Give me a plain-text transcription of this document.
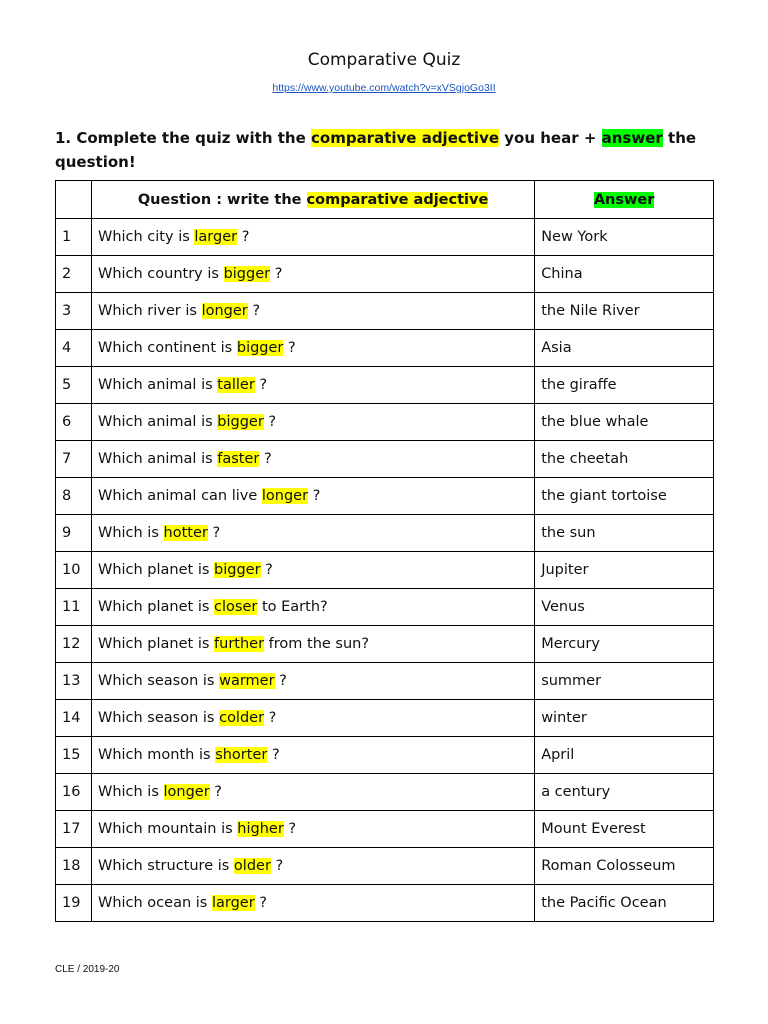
Comparative Quiz
https://www.youtube.com/watch?v=xVSgjoGo3II
1. Complete the quiz with the comparative adjective you hear + answer the question!
	Question : write the comparative adjective	Answer
1	Which city is larger ?	New York
2	Which country is bigger ?	China
3	Which river is longer ?	the Nile River
4	Which continent is bigger ?	Asia
5	Which animal is taller ?	the giraffe
6	Which animal is bigger ?	the blue whale
7	Which animal is faster ?	the cheetah
8	Which animal can live longer ?	the giant tortoise
9	Which is hotter ?	the sun
10	Which planet is bigger ?	Jupiter
11	Which planet is closer to Earth?	Venus
12	Which planet is further from the sun?	Mercury
13	Which season is warmer ?	summer
14	Which season is colder ?	winter
15	Which month is shorter ?	April
16	Which is longer ?	a century
17	Which mountain is higher ?	Mount Everest
18	Which structure is older ?	Roman Colosseum
19	Which ocean is larger ?	the Pacific Ocean
CLE / 2019-20
